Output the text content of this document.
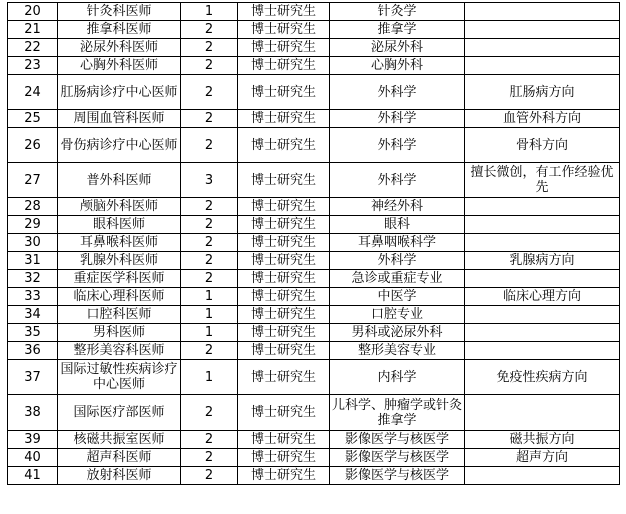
20	针灸科医师	1	博士研究生	针灸学	
21	推拿科医师	2	博士研究生	推拿学	
22	泌尿外科医师	2	博士研究生	泌尿外科	
23	心胸外科医师	2	博士研究生	心胸外科	
24	肛肠病诊疗中心医师	2	博士研究生	外科学	肛肠病方向
25	周围血管科医师	2	博士研究生	外科学	血管外科方向
26	骨伤病诊疗中心医师	2	博士研究生	外科学	骨科方向
27	普外科医师	3	博士研究生	外科学	擅长微创，有工作经验优先
28	颅脑外科医师	2	博士研究生	神经外科	
29	眼科医师	2	博士研究生	眼科	
30	耳鼻喉科医师	2	博士研究生	耳鼻咽喉科学	
31	乳腺外科医师	2	博士研究生	外科学	乳腺病方向
32	重症医学科医师	2	博士研究生	急诊或重症专业	
33	临床心理科医师	1	博士研究生	中医学	临床心理方向
34	口腔科医师	1	博士研究生	口腔专业	
35	男科医师	1	博士研究生	男科或泌尿外科	
36	整形美容科医师	2	博士研究生	整形美容专业	
37	国际过敏性疾病诊疗中心医师	1	博士研究生	内科学	免疫性疾病方向
38	国际医疗部医师	2	博士研究生	儿科学、肿瘤学或针灸推拿学	
39	核磁共振室医师	2	博士研究生	影像医学与核医学	磁共振方向
40	超声科医师	2	博士研究生	影像医学与核医学	超声方向
41	放射科医师	2	博士研究生	影像医学与核医学	
